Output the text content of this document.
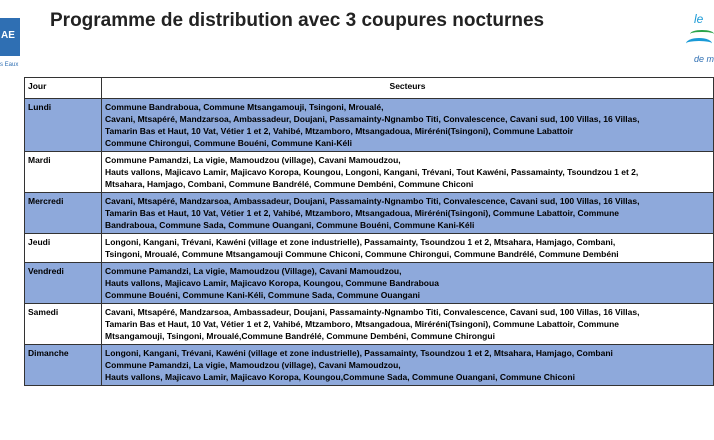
AE
s Eaux
Programme de distribution avec 3 coupures nocturnes	le
de m
Jour	Secteurs
Lundi	Commune Bandraboua, Commune Mtsangamouji, Tsingoni, Mroualé,
Cavani, Mtsapéré, Mandzarsoa, Ambassadeur, Doujani, Passamainty-Ngnambo Titi, Convalescence, Cavani sud, 100 Villas, 16 Villas,
Tamarin Bas et Haut, 10 Vat, Vétier 1 et 2, Vahibé, Mtzamboro, Mtsangadoua, Miréréni(Tsingoni), Commune Labattoir
Commune Chirongui, Commune Bouéni, Commune Kani-Kéli

Mardi	Commune Pamandzi, La vigie, Mamoudzou (village), Cavani Mamoudzou,
Hauts vallons, Majicavo Lamir, Majicavo Koropa, Koungou, Longoni, Kangani, Trévani, Tout Kawéni, Passamainty, Tsoundzou 1 et 2,
Mtsahara, Hamjago, Combani, Commune Bandrélé, Commune Dembéni, Commune Chiconi

Mercredi	Cavani, Mtsapéré, Mandzarsoa, Ambassadeur, Doujani, Passamainty-Ngnambo Titi, Convalescence, Cavani sud, 100 Villas, 16 Villas,
Tamarin Bas et Haut, 10 Vat, Vétier 1 et 2, Vahibé, Mtzamboro, Mtsangadoua, Miréréni(Tsingoni), Commune Labattoir, Commune
Bandraboua, Commune Sada, Commune Ouangani, Commune Bouéni, Commune Kani-Kéli

Jeudi	Longoni, Kangani, Trévani, Kawéni (village et zone industrielle), Passamainty, Tsoundzou 1 et 2, Mtsahara, Hamjago, Combani,
Tsingoni, Mroualé, Commune Mtsangamouji Commune Chiconi, Commune Chirongui, Commune Bandrélé, Commune Dembéni

Vendredi	Commune Pamandzi, La vigie, Mamoudzou (Village), Cavani Mamoudzou,
Hauts vallons, Majicavo Lamir, Majicavo Koropa, Koungou, Commune Bandraboua
Commune Bouéni, Commune Kani-Kéli, Commune Sada, Commune Ouangani

Samedi	Cavani, Mtsapéré, Mandzarsoa, Ambassadeur, Doujani, Passamainty-Ngnambo Titi, Convalescence, Cavani sud, 100 Villas, 16 Villas,
Tamarin Bas et Haut, 10 Vat, Vétier 1 et 2, Vahibé, Mtzamboro, Mtsangadoua, Miréréni(Tsingoni), Commune Labattoir, Commune
Mtsangamouji, Tsingoni, Mroualé,Commune Bandrélé, Commune Dembéni, Commune Chirongui

Dimanche	Longoni, Kangani, Trévani, Kawéni (village et zone industrielle), Passamainty, Tsoundzou 1 et 2, Mtsahara, Hamjago, Combani
Commune Pamandzi, La vigie, Mamoudzou (village), Cavani Mamoudzou,
Hauts vallons, Majicavo Lamir, Majicavo Koropa, Koungou,Commune Sada, Commune Ouangani, Commune Chiconi
